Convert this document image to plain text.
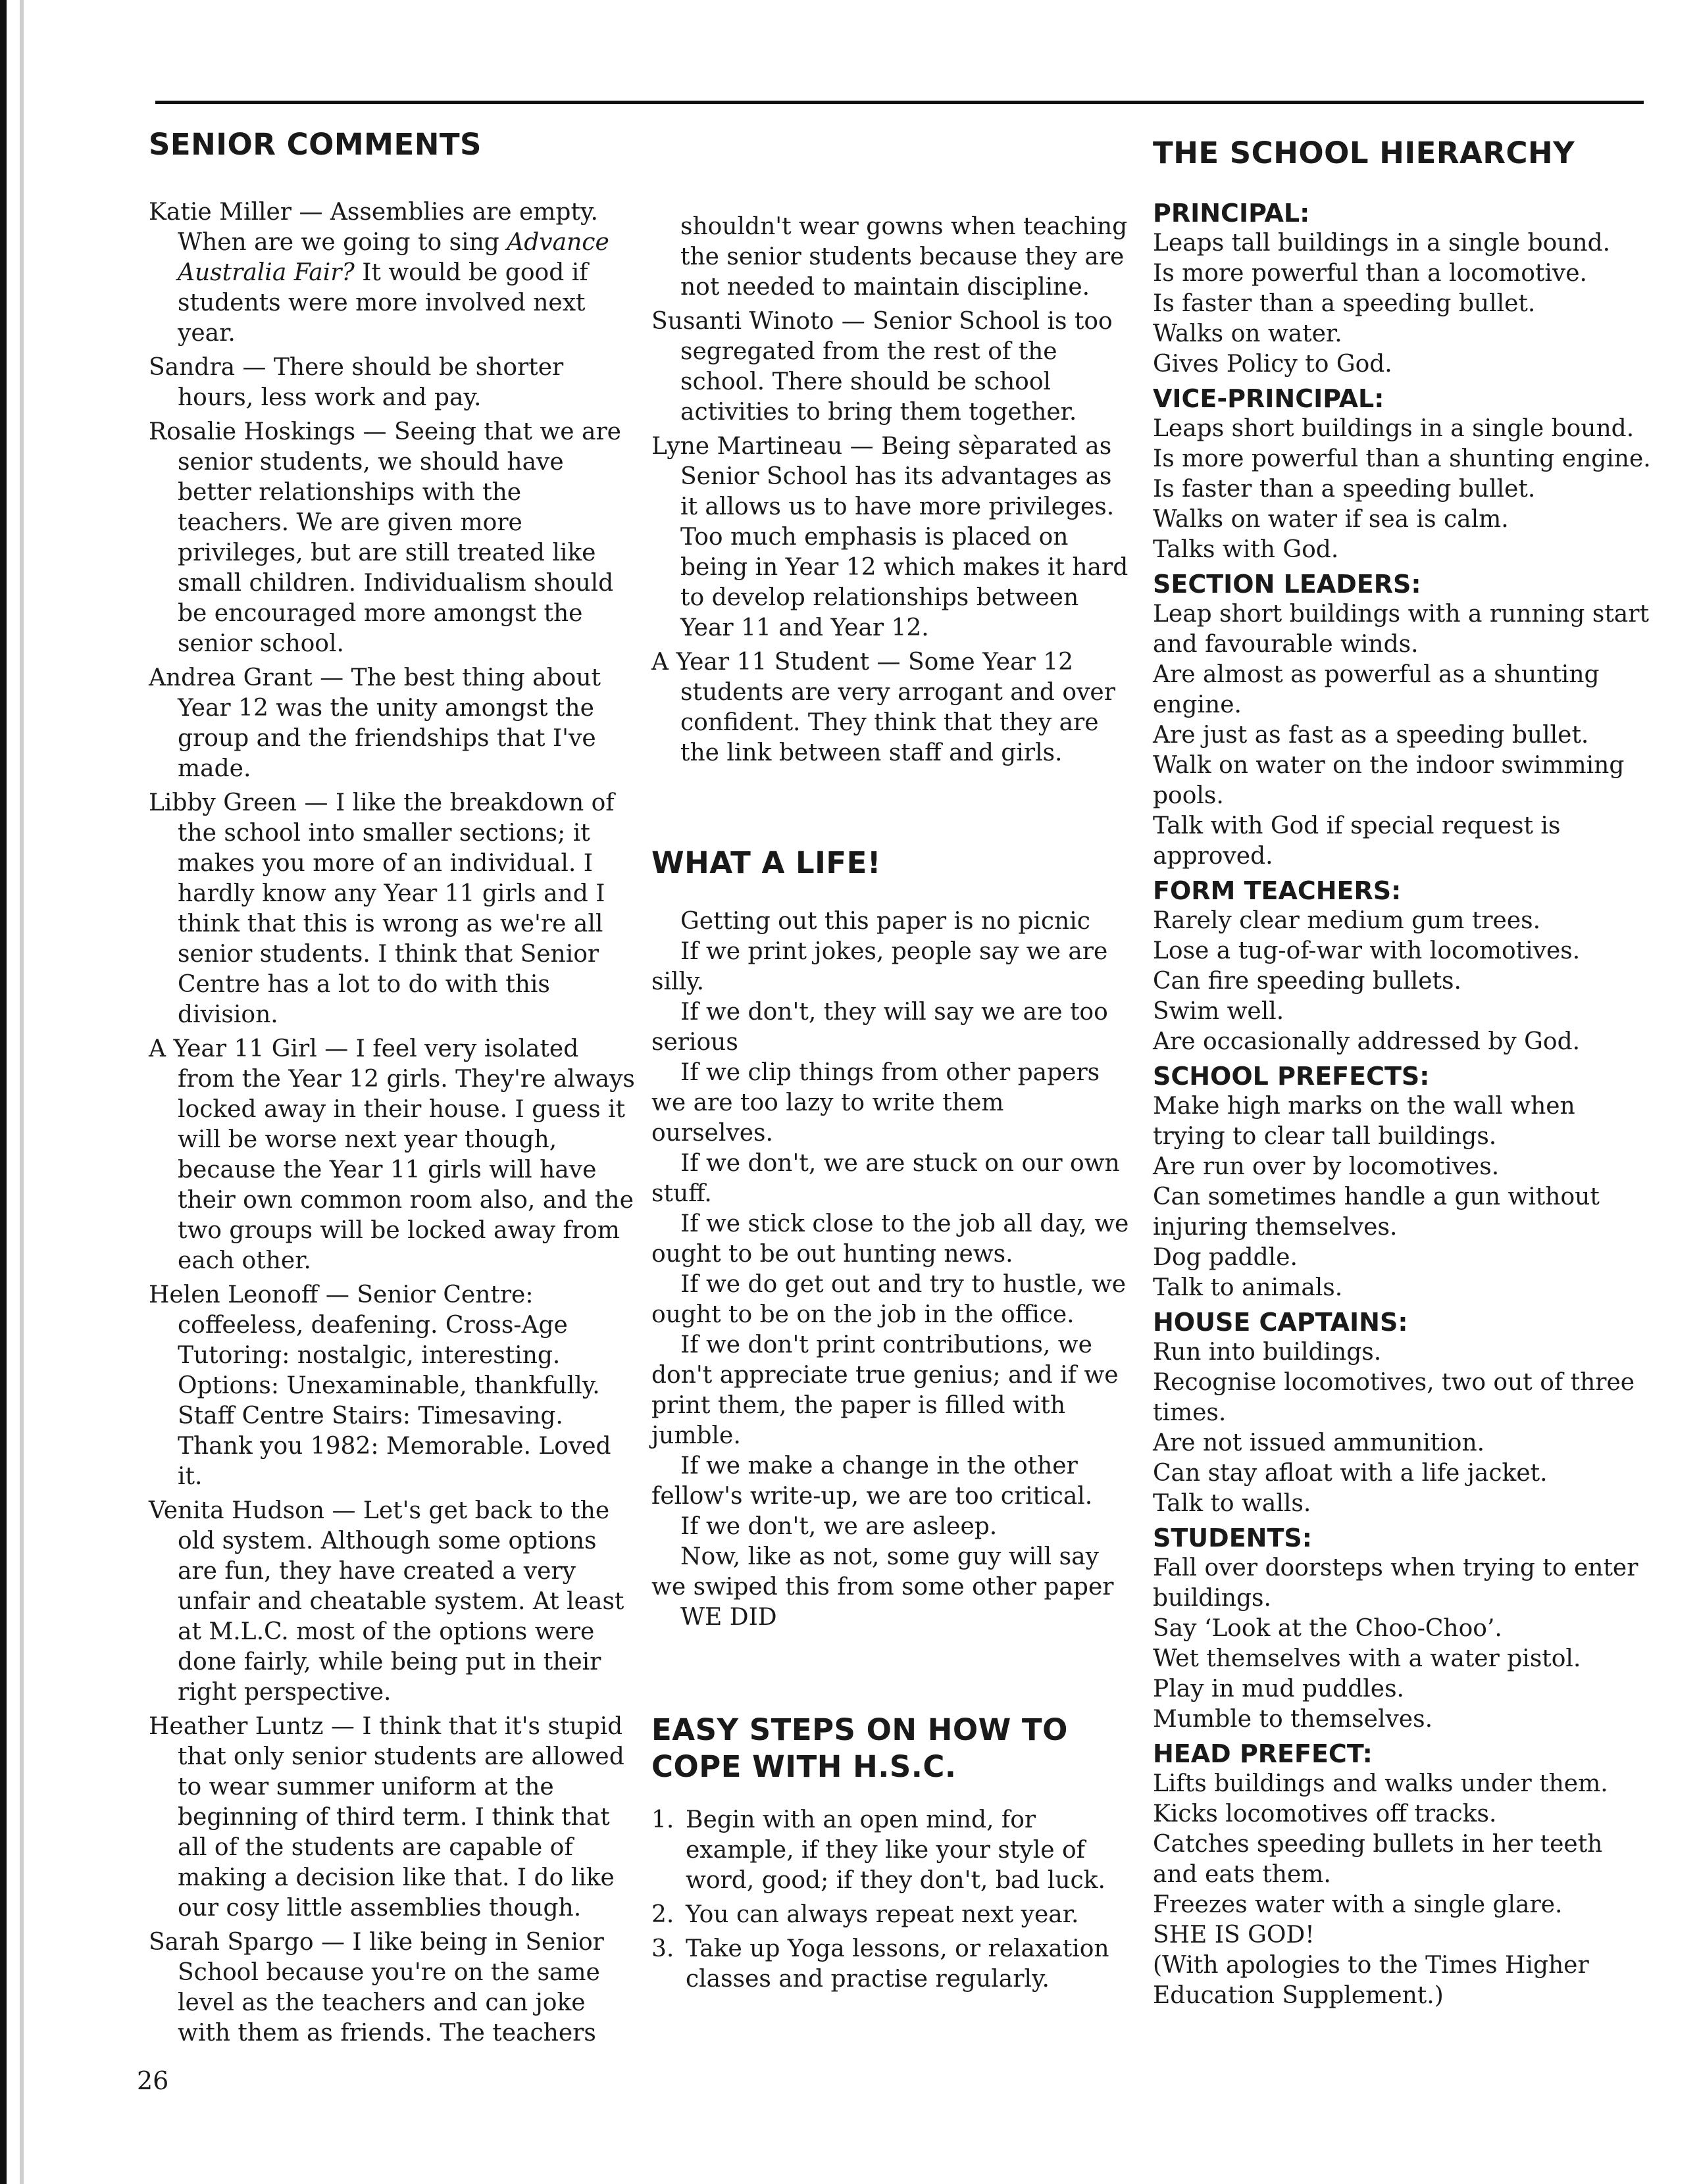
SENIOR COMMENTS

Katie Miller — Assemblies are empty. When are we going to sing Advance Australia Fair? It would be good if students were more involved next year.

Sandra — There should be shorter hours, less work and pay.

Rosalie Hoskings — Seeing that we are senior students, we should have better relationships with the teachers. We are given more privileges, but are still treated like small children. Individualism should be encouraged more amongst the senior school.

Andrea Grant — The best thing about Year 12 was the unity amongst the group and the friendships that I've made.

Libby Green — I like the breakdown of the school into smaller sections; it makes you more of an individual. I hardly know any Year 11 girls and I think that this is wrong as we're all senior students. I think that Senior Centre has a lot to do with this division.

A Year 11 Girl — I feel very isolated from the Year 12 girls. They're always locked away in their house. I guess it will be worse next year though, because the Year 11 girls will have their own common room also, and the two groups will be locked away from each other.

Helen Leonoff — Senior Centre: coffeeless, deafening. Cross-Age Tutoring: nostalgic, interesting. Options: Unexaminable, thankfully. Staff Centre Stairs: Timesaving. Thank you 1982: Memorable. Loved it.

Venita Hudson — Let's get back to the old system. Although some options are fun, they have created a very unfair and cheatable system. At least at M.L.C. most of the options were done fairly, while being put in their right perspective.

Heather Luntz — I think that it's stupid that only senior students are allowed to wear summer uniform at the beginning of third term. I think that all of the students are capable of making a decision like that. I do like our cosy little assemblies though.

Sarah Spargo — I like being in Senior School because you're on the same level as the teachers and can joke with them as friends. The teachers

shouldn't wear gowns when teaching the senior students because they are not needed to maintain discipline.

Susanti Winoto — Senior School is too segregated from the rest of the school. There should be school activities to bring them together.

Lyne Martineau — Being sèparated as Senior School has its advantages as it allows us to have more privileges. Too much emphasis is placed on being in Year 12 which makes it hard to develop relationships between Year 11 and Year 12.

A Year 11 Student — Some Year 12 students are very arrogant and over confident. They think that they are the link between staff and girls.

WHAT A LIFE!

Getting out this paper is no picnic

If we print jokes, people say we are silly.

If we don't, they will say we are too serious

If we clip things from other papers we are too lazy to write them ourselves.

If we don't, we are stuck on our own stuff.

If we stick close to the job all day, we ought to be out hunting news.

If we do get out and try to hustle, we ought to be on the job in the office.

If we don't print contributions, we don't appreciate true genius; and if we print them, the paper is filled with jumble.

If we make a change in the other fellow's write-up, we are too critical.

If we don't, we are asleep.

Now, like as not, some guy will say we swiped this from some other paper

WE DID

EASY STEPS ON HOW TO COPE WITH H.S.C.
1. Begin with an open mind, for example, if they like your style of word, good; if they don't, bad luck.
2. You can always repeat next year.
3. Take up Yoga lessons, or relaxation classes and practise regularly.
THE SCHOOL HIERARCHY
PRINCIPAL:
Leaps tall buildings in a single bound.
Is more powerful than a locomotive.
Is faster than a speeding bullet.
Walks on water.
Gives Policy to God.
VICE-PRINCIPAL:
Leaps short buildings in a single bound.
Is more powerful than a shunting engine.
Is faster than a speeding bullet.
Walks on water if sea is calm.
Talks with God.
SECTION LEADERS:
Leap short buildings with a running start and favourable winds.
Are almost as powerful as a shunting engine.
Are just as fast as a speeding bullet.
Walk on water on the indoor swimming pools.
Talk with God if special request is approved.
FORM TEACHERS:
Rarely clear medium gum trees.
Lose a tug-of-war with locomotives.
Can fire speeding bullets.
Swim well.
Are occasionally addressed by God.
SCHOOL PREFECTS:
Make high marks on the wall when trying to clear tall buildings.
Are run over by locomotives.
Can sometimes handle a gun without injuring themselves.
Dog paddle.
Talk to animals.
HOUSE CAPTAINS:
Run into buildings.
Recognise locomotives, two out of three times.
Are not issued ammunition.
Can stay afloat with a life jacket.
Talk to walls.
STUDENTS:
Fall over doorsteps when trying to enter buildings.
Say ‘Look at the Choo-Choo’.
Wet themselves with a water pistol.
Play in mud puddles.
Mumble to themselves.
HEAD PREFECT:
Lifts buildings and walks under them.
Kicks locomotives off tracks.
Catches speeding bullets in her teeth and eats them.
Freezes water with a single glare.
SHE IS GOD!
(With apologies to the Times Higher Education Supplement.)
26
